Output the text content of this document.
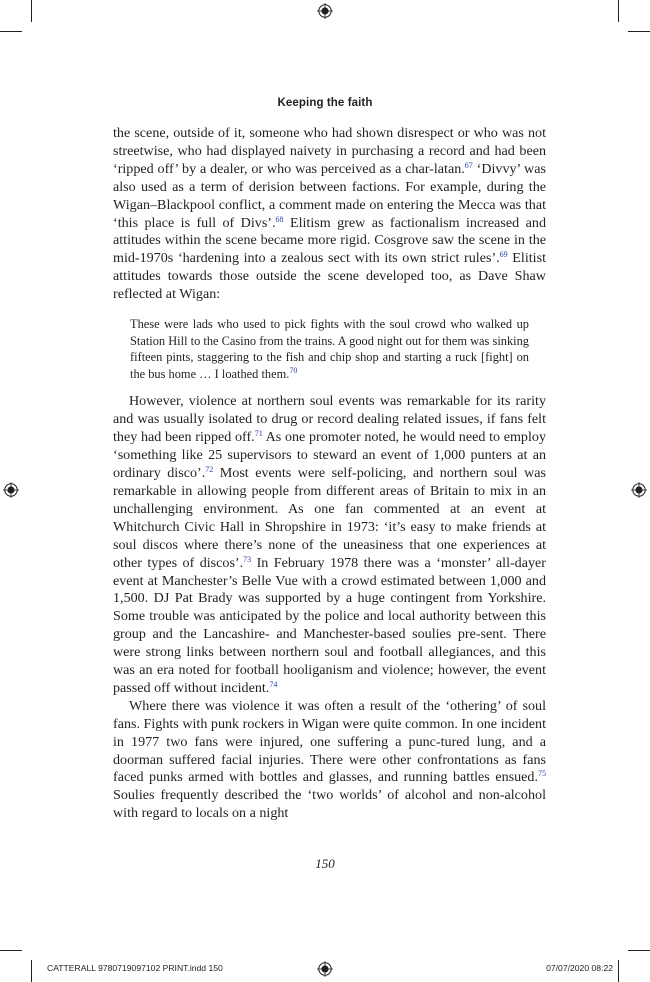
Keeping the faith

the scene, outside of it, someone who had shown disrespect or who was not streetwise, who had displayed naivety in purchasing a record and had been ‘ripped off’ by a dealer, or who was perceived as a char-latan.$^{67}$ ‘Divvy’ was also used as a term of derision between factions. For example, during the Wigan–Blackpool conflict, a comment made on entering the Mecca was that ‘this place is full of Divs’.$^{68}$ Elitism grew as factionalism increased and attitudes within the scene became more rigid. Cosgrove saw the scene in the mid-1970s ‘hardening into a zealous sect with its own strict rules’.$^{69}$ Elitist attitudes towards those outside the scene developed too, as Dave Shaw reflected at Wigan:

These were lads who used to pick fights with the soul crowd who walked up Station Hill to the Casino from the trains. A good night out for them was sinking fifteen pints, staggering to the fish and chip shop and starting a ruck [fight] on the bus home … I loathed them.$^{70}$

However, violence at northern soul events was remarkable for its rarity and was usually isolated to drug or record dealing related issues, if fans felt they had been ripped off.$^{71}$ As one promoter noted, he would need to employ ‘something like 25 supervisors to steward an event of 1,000 punters at an ordinary disco’.$^{72}$ Most events were self-policing, and northern soul was remarkable in allowing people from different areas of Britain to mix in an unchallenging environment. As one fan commented at an event at Whitchurch Civic Hall in Shropshire in 1973: ‘it’s easy to make friends at soul discos where there’s none of the uneasiness that one experiences at other types of discos’.$^{73}$ In February 1978 there was a ‘monster’ all-dayer event at Manchester’s Belle Vue with a crowd estimated between 1,000 and 1,500. DJ Pat Brady was supported by a huge contingent from Yorkshire. Some trouble was anticipated by the police and local authority between this group and the Lancashire- and Manchester-based soulies pre-sent. There were strong links between northern soul and football allegiances, and this was an era noted for football hooliganism and violence; however, the event passed off without incident.$^{74}$

Where there was violence it was often a result of the ‘othering’ of soul fans. Fights with punk rockers in Wigan were quite common. In one incident in 1977 two fans were injured, one suffering a punc-tured lung, and a doorman suffered facial injuries. There were other confrontations as fans faced punks armed with bottles and glasses, and running battles ensued.$^{75}$ Soulies frequently described the ‘two worlds’ of alcohol and non-alcohol with regard to locals on a night

150
CATTERALL 9780719097102 PRINT.indd 150	07/07/2020 08:22
